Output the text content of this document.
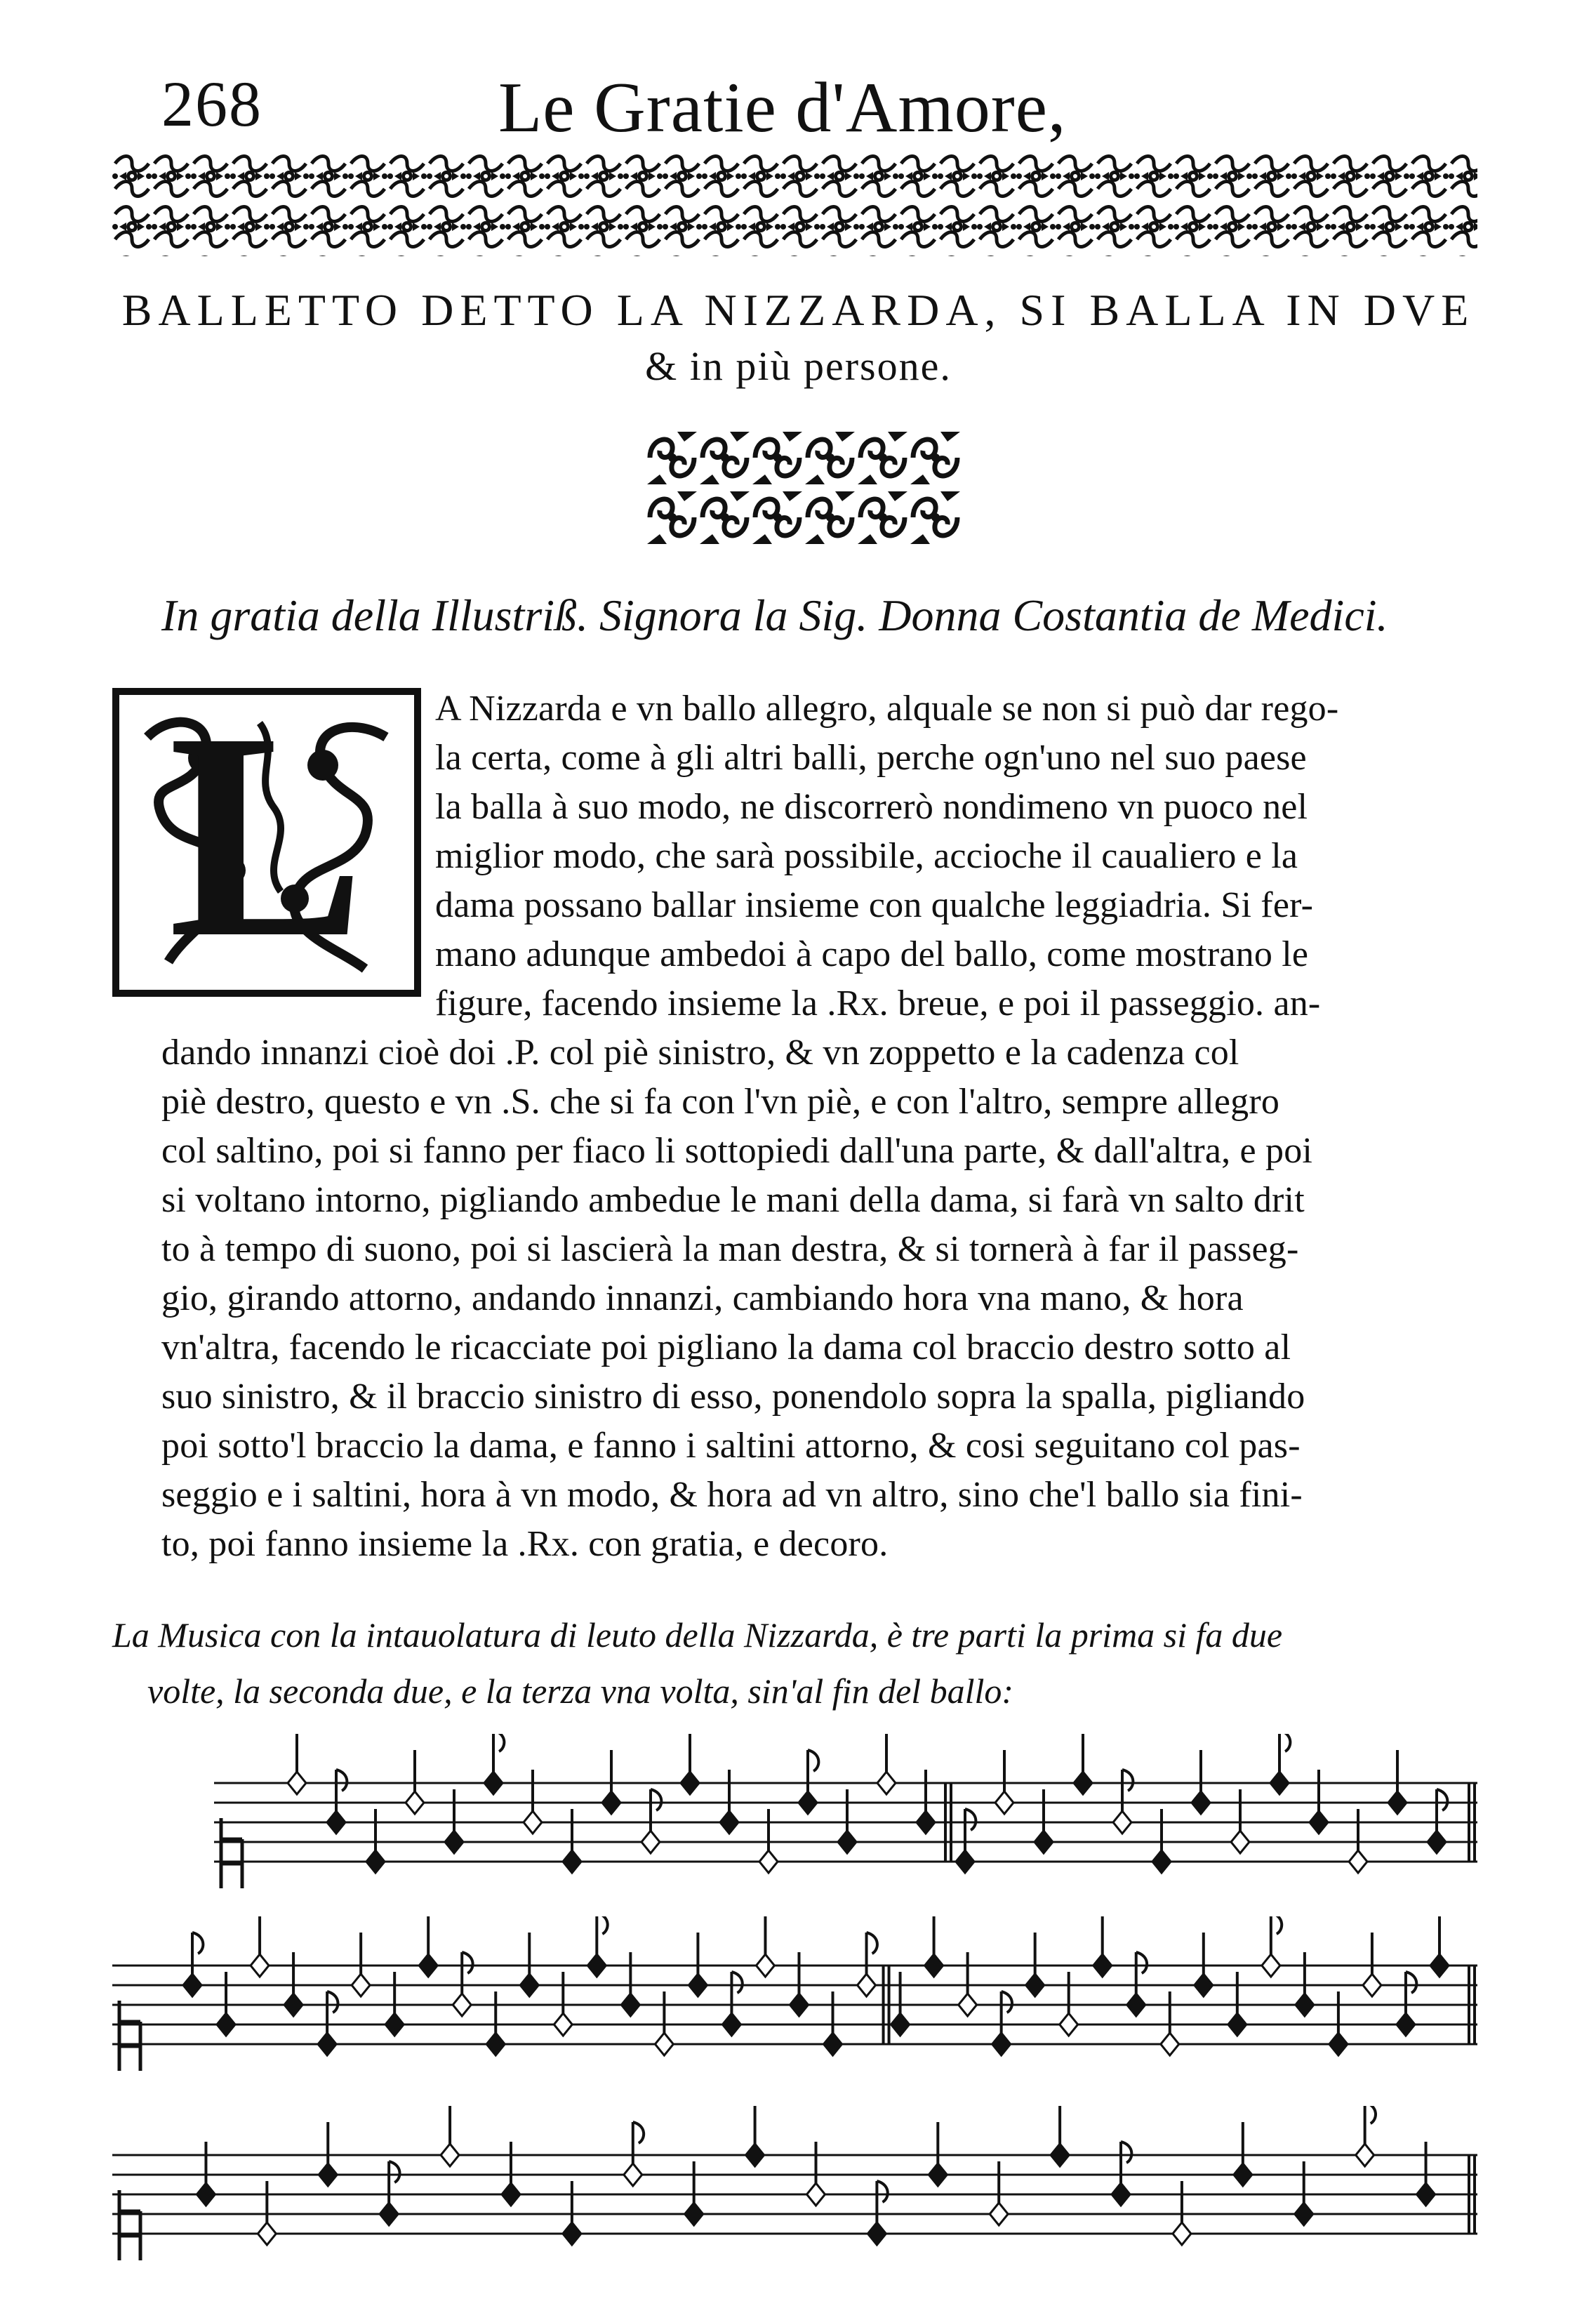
268	Le Gratie d'Amore,
BALLETTO DETTO LA NIZZARDA, SI BALLA IN DVE
& in più persone.
In gratia della Illustriß. Signora la Sig. Donna Costantia de Medici.
L	A Nizzarda e vn ballo allegro, alquale se non si può dar rego-
la certa, come à gli altri balli, perche ogn'uno nel suo paese
la balla à suo modo, ne discorrerò nondimeno vn puoco nel
miglior modo, che sarà possibile, accioche il caualiero e la
dama possano ballar insieme con qualche leggiadria. Si fer-
mano adunque ambedoi à capo del ballo, come mostrano le
figure, facendo insieme la .Rx. breue, e poi il passeggio. an-
dando innanzi cioè doi .P. col piè sinistro, & vn zoppetto e la cadenza col
piè destro, questo e vn .S. che si fa con l'vn piè, e con l'altro, sempre allegro
col saltino, poi si fanno per fiaco li sottopiedi dall'una parte, & dall'altra, e poi
si voltano intorno, pigliando ambedue le mani della dama, si farà vn salto drit
to à tempo di suono, poi si lascierà la man destra, & si tornerà à far il passeg-
gio, girando attorno, andando innanzi, cambiando hora vna mano, & hora
vn'altra, facendo le ricacciate poi pigliano la dama col braccio destro sotto al
suo sinistro, & il braccio sinistro di esso, ponendolo sopra la spalla, pigliando
poi sotto'l braccio la dama, e fanno i saltini attorno, & cosi seguitano col pas-
seggio e i saltini, hora à vn modo, & hora ad vn altro, sino che'l ballo sia fini-
to, poi fanno insieme la .Rx. con gratia, e decoro.
La Musica con la intauolatura di leuto della Nizzarda, è tre parti la prima si fa due
volte, la seconda due, e la terza vna volta, sin'al fin del ballo:
